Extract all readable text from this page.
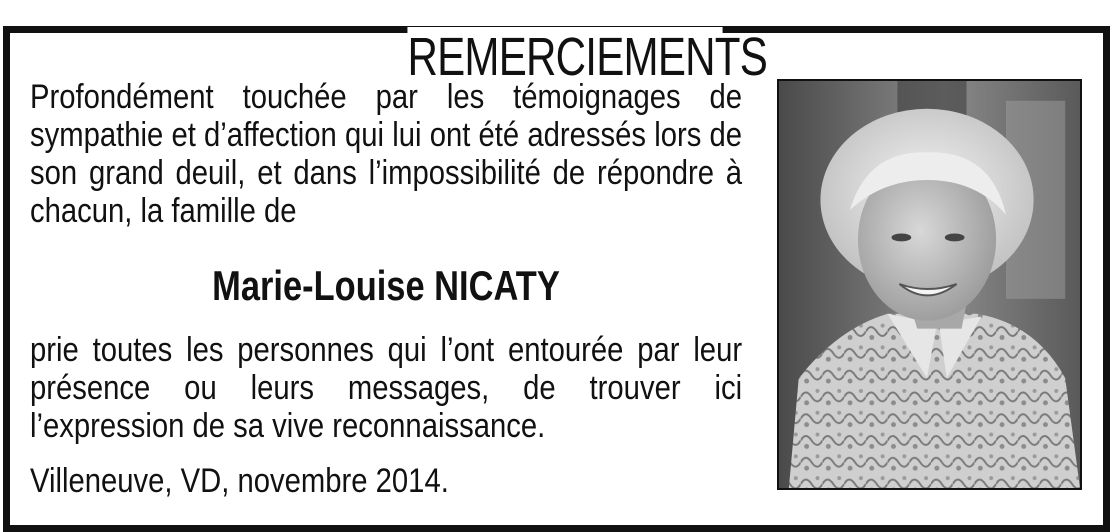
REMERCIEMENTS

Profondément touchée par les témoignages de sympathie et d’affection qui lui ont été adressés lors de son grand deuil, et dans l’impossibilité de répondre à chacun, la famille de

Marie-Louise NICATY

prie toutes les personnes qui l’ont entourée par leur présence ou leurs messages, de trouver ici l’expression de sa vive reconnaissance.

Villeneuve, VD, novembre 2014.
